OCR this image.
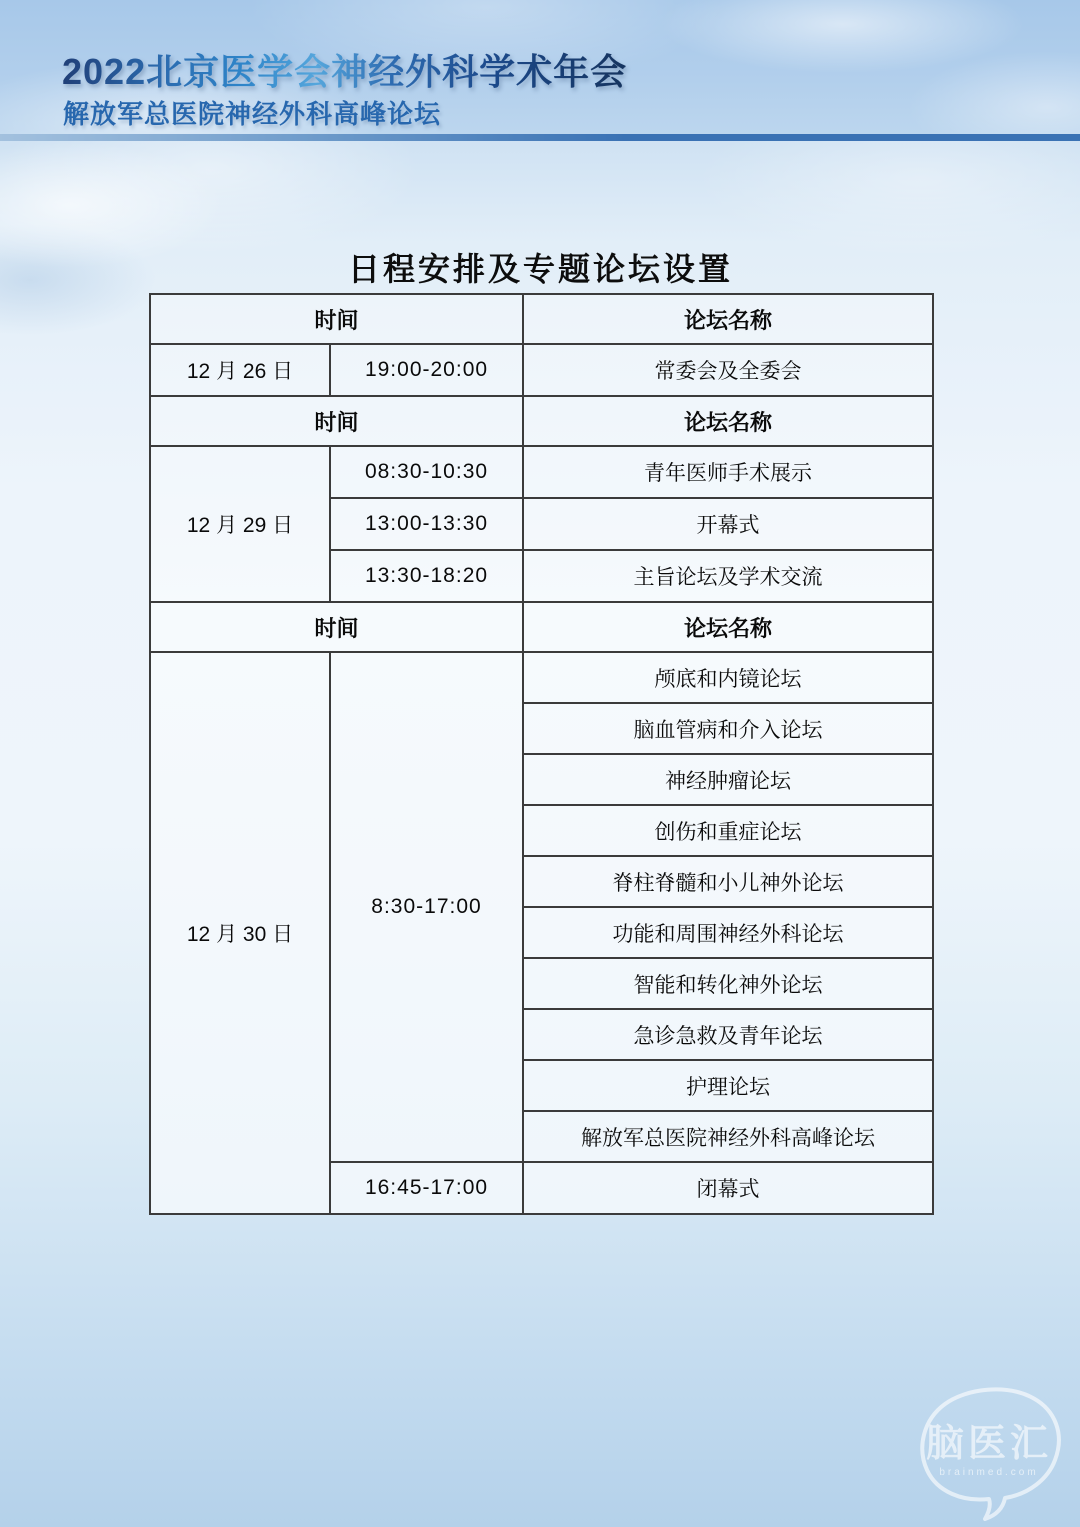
2022北京医学会神经外科学术年会
解放军总医院神经外科高峰论坛
日程安排及专题论坛设置
时间		论坛名称
12 月 26 日	19:00-20:00	常委会及全委会
时间		论坛名称
12 月 29 日	08:30-10:30	青年医师手术展示
	13:00-13:30	开幕式
	13:30-18:20	主旨论坛及学术交流
时间		论坛名称
12 月 30 日	8:30-17:00	颅底和内镜论坛
		脑血管病和介入论坛
		神经肿瘤论坛
		创伤和重症论坛
		脊柱脊髓和小儿神外论坛
		功能和周围神经外科论坛
		智能和转化神外论坛
		急诊急救及青年论坛
		护理论坛
		解放军总医院神经外科高峰论坛
	16:45-17:00	闭幕式
脑医汇
brainmed.com
